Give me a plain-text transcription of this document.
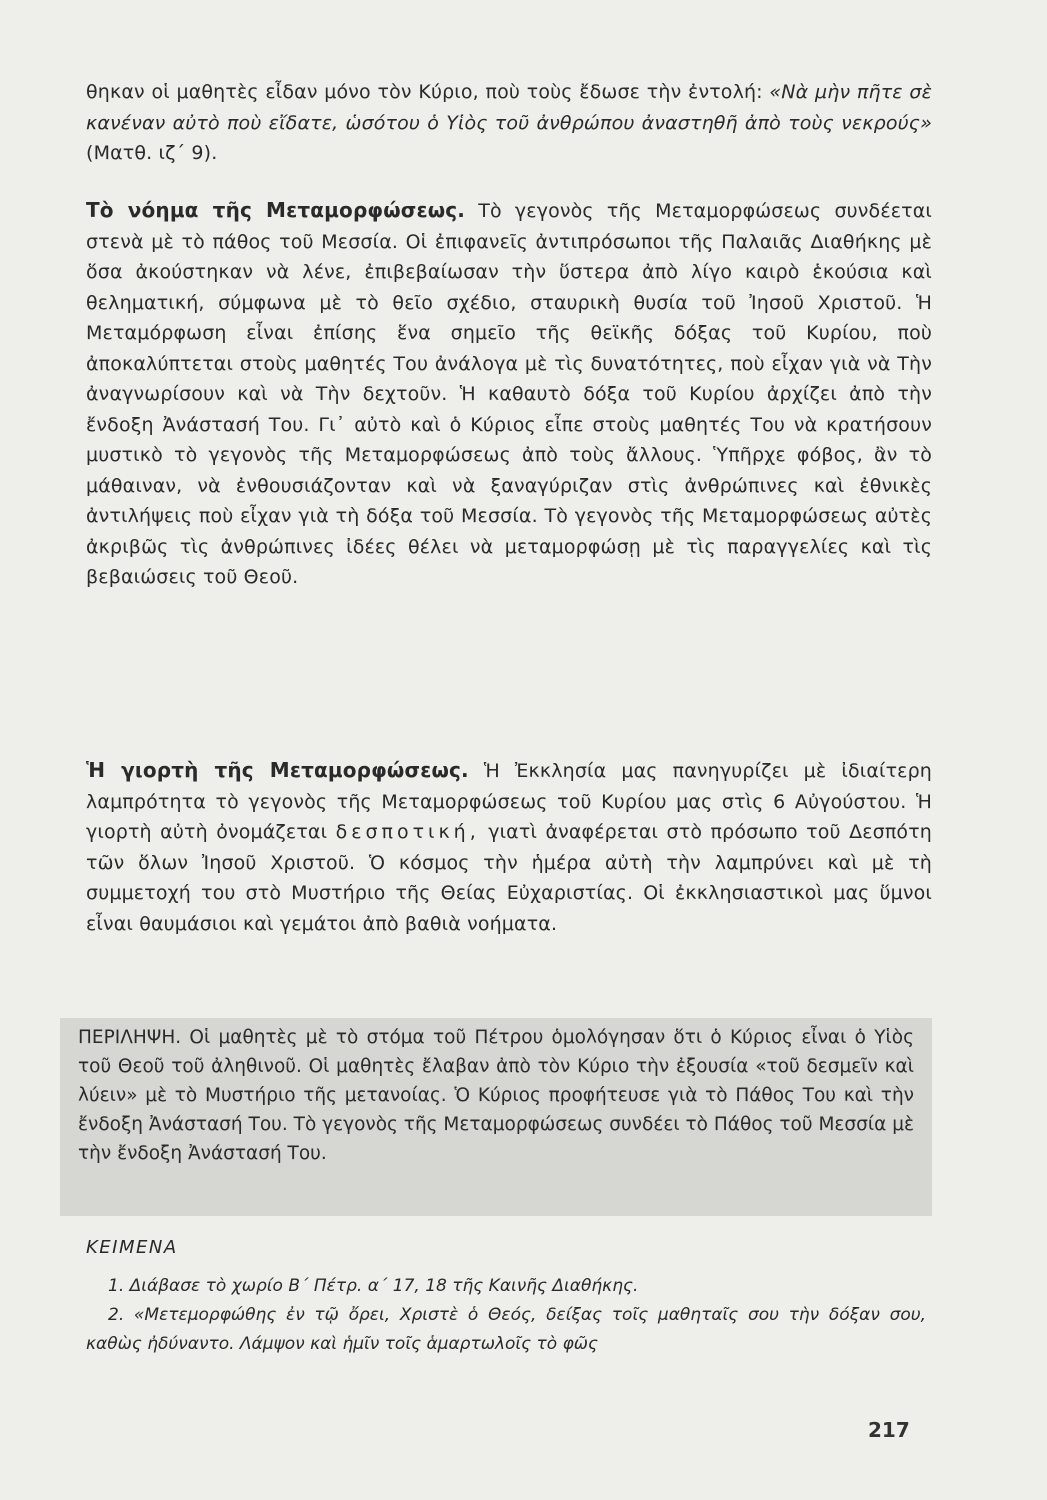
θηκαν οἱ μαθητὲς εἶδαν μόνο τὸν Κύριο, ποὺ τοὺς ἔδωσε τὴν ἐντολή: «Νὰ μὴν πῆτε σὲ κανέναν αὐτὸ ποὺ εἴδατε, ὡσότου ὁ Υἱὸς τοῦ ἀνθρώπου ἀναστηθῆ ἀπὸ τοὺς νεκρούς» (Ματθ. ιζ΄ 9).
Τὸ νόημα τῆς Μεταμορφώσεως. Τὸ γεγονὸς τῆς Μεταμορφώσεως συνδέεται στενὰ μὲ τὸ πάθος τοῦ Μεσσία. Οἱ ἐπιφανεῖς ἀντιπρόσωποι τῆς Παλαιᾶς Διαθήκης μὲ ὅσα ἀκούστηκαν νὰ λένε, ἐπιβεβαίωσαν τὴν ὕστερα ἀπὸ λίγο καιρὸ ἑκούσια καὶ θεληματική, σύμφωνα μὲ τὸ θεῖο σχέδιο, σταυρικὴ θυσία τοῦ Ἰησοῦ Χριστοῦ. Ἡ Μεταμόρφωση εἶναι ἐπίσης ἕνα σημεῖο τῆς θεϊκῆς δόξας τοῦ Κυρίου, ποὺ ἀποκαλύπτεται στοὺς μαθητές Του ἀνάλογα μὲ τὶς δυνατότητες, ποὺ εἶχαν γιὰ νὰ Τὴν ἀναγνωρίσουν καὶ νὰ Τὴν δεχτοῦν. Ἡ καθαυτὸ δόξα τοῦ Κυρίου ἀρχίζει ἀπὸ τὴν ἔνδοξη Ἀνάστασή Του. Γι᾽ αὐτὸ καὶ ὁ Κύριος εἶπε στοὺς μαθητές Του νὰ κρατήσουν μυστικὸ τὸ γεγονὸς τῆς Μεταμορφώσεως ἀπὸ τοὺς ἄλλους. Ὑπῆρχε φόβος, ἂν τὸ μάθαιναν, νὰ ἐνθουσιάζονταν καὶ νὰ ξαναγύριζαν στὶς ἀνθρώπινες καὶ ἐθνικὲς ἀντιλήψεις ποὺ εἶχαν γιὰ τὴ δόξα τοῦ Μεσσία. Τὸ γεγονὸς τῆς Μεταμορφώσεως αὐτὲς ἀκριβῶς τὶς ἀνθρώπινες ἰδέες θέλει νὰ μεταμορφώσῃ μὲ τὶς παραγγελίες καὶ τὶς βεβαιώσεις τοῦ Θεοῦ.
Ἡ γιορτὴ τῆς Μεταμορφώσεως. Ἡ Ἐκκλησία μας πανηγυρίζει μὲ ἰδιαίτερη λαμπρότητα τὸ γεγονὸς τῆς Μεταμορφώσεως τοῦ Κυρίου μας στὶς 6 Αὐγούστου. Ἡ γιορτὴ αὐτὴ ὀνομάζεται δεσποτική, γιατὶ ἀναφέρεται στὸ πρόσωπο τοῦ Δεσπότη τῶν ὅλων Ἰησοῦ Χριστοῦ. Ὁ κόσμος τὴν ἡμέρα αὐτὴ τὴν λαμπρύνει καὶ μὲ τὴ συμμετοχή του στὸ Μυστήριο τῆς Θείας Εὐχαριστίας. Οἱ ἐκκλησιαστικοὶ μας ὕμνοι εἶναι θαυμάσιοι καὶ γεμάτοι ἀπὸ βαθιὰ νοήματα.
ΠΕΡΙΛΗΨΗ. Οἱ μαθητὲς μὲ τὸ στόμα τοῦ Πέτρου ὁμολόγησαν ὅτι ὁ Κύριος εἶναι ὁ Υἱὸς τοῦ Θεοῦ τοῦ ἀληθινοῦ. Οἱ μαθητὲς ἔλαβαν ἀπὸ τὸν Κύριο τὴν ἐξουσία «τοῦ δεσμεῖν καὶ λύειν» μὲ τὸ Μυστήριο τῆς μετανοίας. Ὁ Κύριος προφήτευσε γιὰ τὸ Πάθος Του καὶ τὴν ἔνδοξη Ἀνάστασή Του. Τὸ γεγονὸς τῆς Μεταμορφώσεως συνδέει τὸ Πάθος τοῦ Μεσσία μὲ τὴν ἔνδοξη Ἀνάστασή Του.
ΚΕΙΜΕΝΑ
1. Διάβασε τὸ χωρίο Β΄ Πέτρ. α΄ 17, 18 τῆς Καινῆς Διαθήκης.
2. «Μετεμορφώθης ἐν τῷ ὄρει, Χριστὲ ὁ Θεός, δείξας τοῖς μαθηταῖς σου τὴν δόξαν σου, καθὼς ἠδύναντο. Λάμψον καὶ ἡμῖν τοῖς ἁμαρτωλοῖς τὸ φῶς
217
